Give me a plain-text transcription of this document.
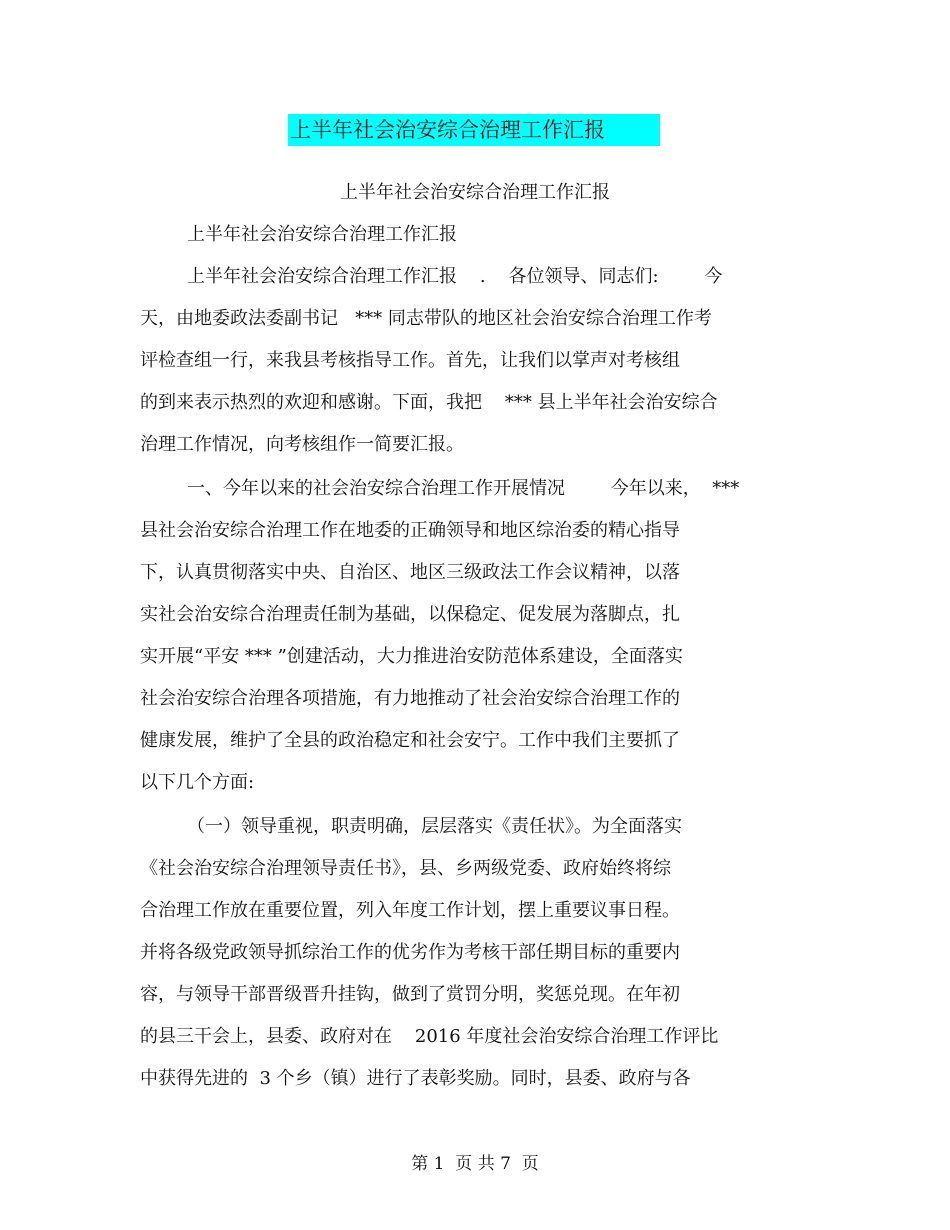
上半年社会治安综合治理工作汇报
上半年社会治安综合治理工作汇报
上半年社会治安综合治理工作汇报
上半年社会治安综合治理工作汇报    .    各位领导、同志们:        今
天，由地委政法委副书记   *** 同志带队的地区社会治安综合治理工作考
评检查组一行，来我县考核指导工作。首先，让我们以掌声对考核组
的到来表示热烈的欢迎和感谢。下面，我把    *** 县上半年社会治安综合
治理工作情况，向考核组作一简要汇报。
一、今年以来的社会治安综合治理工作开展情况        今年以来，  ***
县社会治安综合治理工作在地委的正确领导和地区综治委的精心指导
下，认真贯彻落实中央、自治区、地区三级政法工作会议精神，以落
实社会治安综合治理责任制为基础，以保稳定、促发展为落脚点，扎
实开展“平安 *** ”创建活动，大力推进治安防范体系建设，全面落实
社会治安综合治理各项措施，有力地推动了社会治安综合治理工作的
健康发展，维护了全县的政治稳定和社会安宁。工作中我们主要抓了
以下几个方面:
（一）领导重视，职责明确，层层落实《责任状》。为全面落实
《社会治安综合治理领导责任书》，县、乡两级党委、政府始终将综
合治理工作放在重要位置，列入年度工作计划，摆上重要议事日程。
并将各级党政领导抓综治工作的优劣作为考核干部任期目标的重要内
容，与领导干部晋级晋升挂钩，做到了赏罚分明，奖惩兑现。在年初
的县三干会上，县委、政府对在    2016 年度社会治安综合治理工作评比
中获得先进的  3 个乡（镇）进行了表彰奖励。同时，县委、政府与各
第 1  页 共 7  页
